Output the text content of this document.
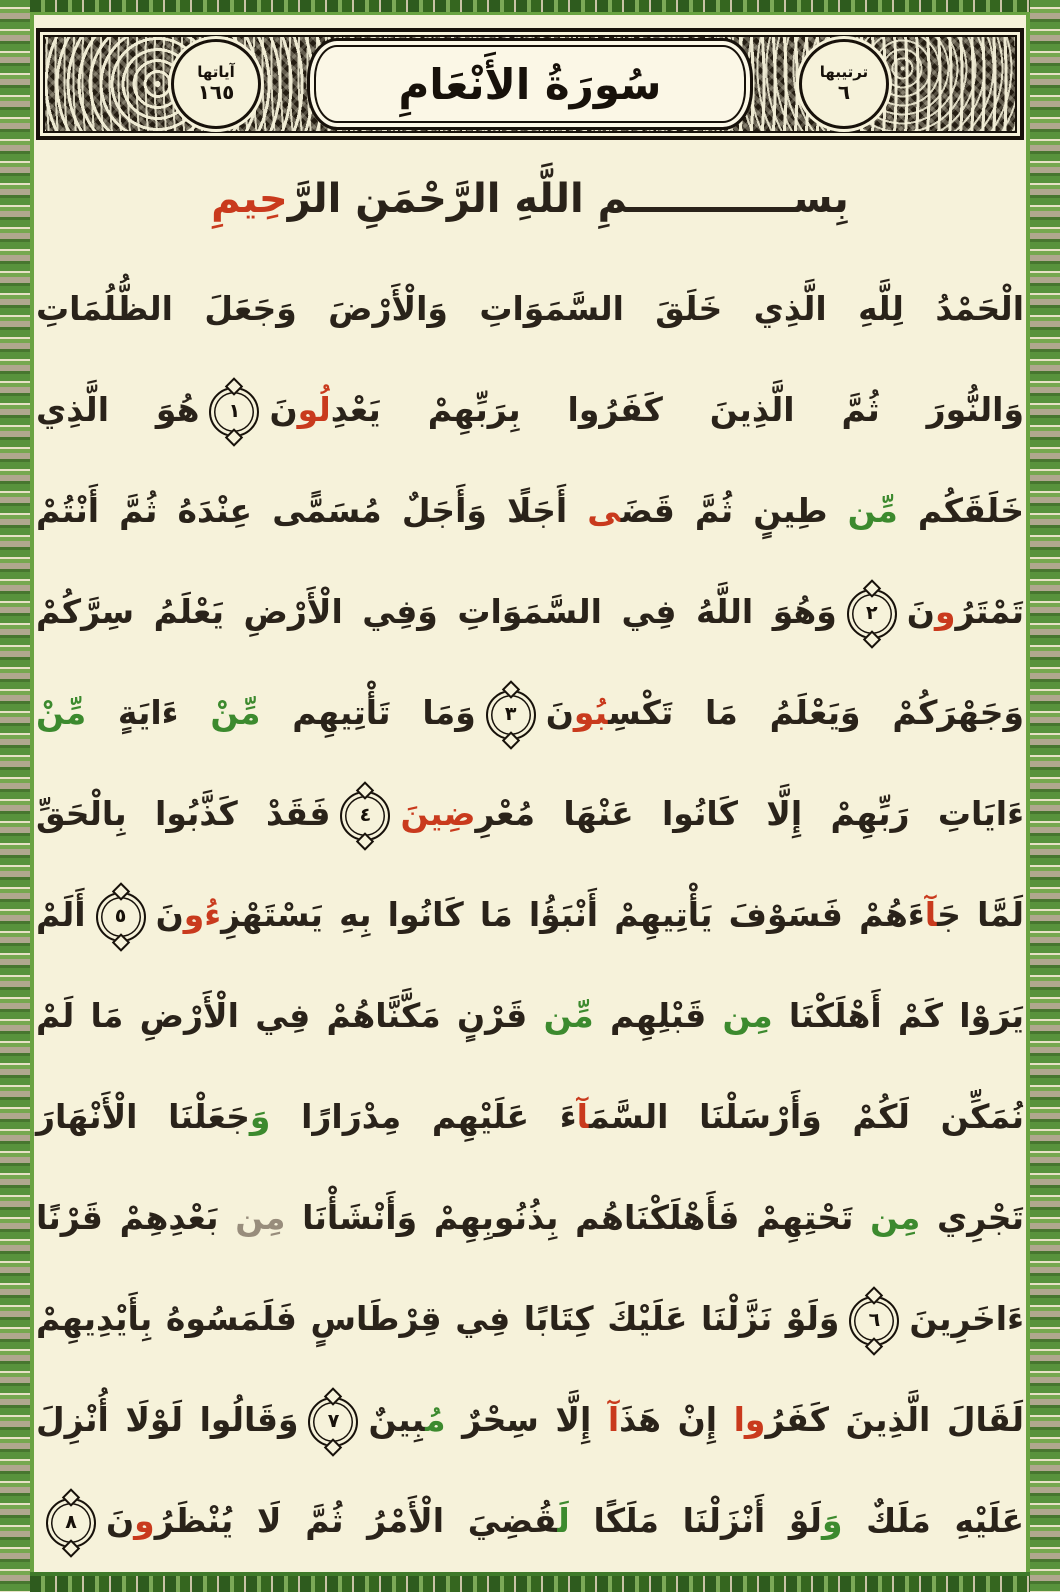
آياتها
١٦٥	سُورَةُ الأَنْعَامِ	ترتيبها
٦
بِســــــــــــمِ اللَّهِ الرَّحْمَنِ الرَّ
حِيمِ
الْحَمْدُ لِلَّهِ الَّذِي خَلَقَ السَّمَوَاتِ وَالْأَرْضَ وَجَعَلَ الظُّلُمَاتِ
وَالنُّورَ ثُمَّ الَّذِينَ كَفَرُوا بِرَبِّهِمْ يَعْدِلُونَ
١
هُوَ الَّذِي
خَلَقَكُم مِّن طِينٍ ثُمَّ قَضَ‍‍ى أَجَلًا وَأَجَلٌ مُسَمًّى عِنْدَهُ ثُمَّ أَنْتُمْ
تَمْتَرُونَ
٢
وَهُوَ اللَّهُ فِي السَّمَوَاتِ وَفِي الْأَرْضِ يَعْلَمُ سِرَّكُمْ
وَجَهْرَكُمْ وَيَعْلَمُ مَا تَكْسِ‍‍بُونَ
٣
وَمَا تَأْتِيهِم مِّنْ ءَايَةٍ مِّنْ
ءَايَاتِ رَبِّهِمْ إِلَّا كَانُوا عَنْهَا مُعْرِضِينَ
٤
فَقَدْ كَذَّبُوا بِالْحَقِّ
لَمَّا جَ‍‍آءَهُمْ فَسَوْفَ يَأْتِيهِمْ أَنْبَؤُا مَا كَانُوا بِهِ يَسْتَهْزِءُونَ
٥
أَلَمْ
يَرَوْا كَمْ أَهْلَكْنَا مِن قَبْلِهِم مِّن قَرْنٍ مَكَّنَّاهُمْ فِي الْأَرْضِ مَا لَمْ
نُمَكِّن لَكُمْ وَأَرْسَلْنَا السَّمَ‍‍آءَ عَلَيْهِم مِدْرَارًا وَجَعَلْنَا الْأَنْهَارَ
تَجْرِي مِن تَحْتِهِمْ فَأَهْلَكْنَاهُم بِذُنُوبِهِمْ وَأَنْشَأْنَا مِن بَعْدِهِمْ قَرْنًا
ءَاخَرِينَ
٦
وَلَوْ نَزَّلْنَا عَلَيْكَ كِتَابًا فِي قِرْطَاسٍ فَلَمَسُوهُ بِأَيْدِيهِمْ
لَقَالَ الَّذِينَ كَفَرُوا إِنْ هَذَآ إِلَّا سِحْرٌ مُ‍‍بِينٌ
٧
وَقَالُوا لَوْلَا أُنْزِلَ
عَلَيْهِ مَلَكٌ وَلَوْ أَنْزَلْنَا مَلَكًا لَ‍‍قُضِيَ الْأَمْرُ ثُمَّ لَا يُنْظَرُونَ
٨
